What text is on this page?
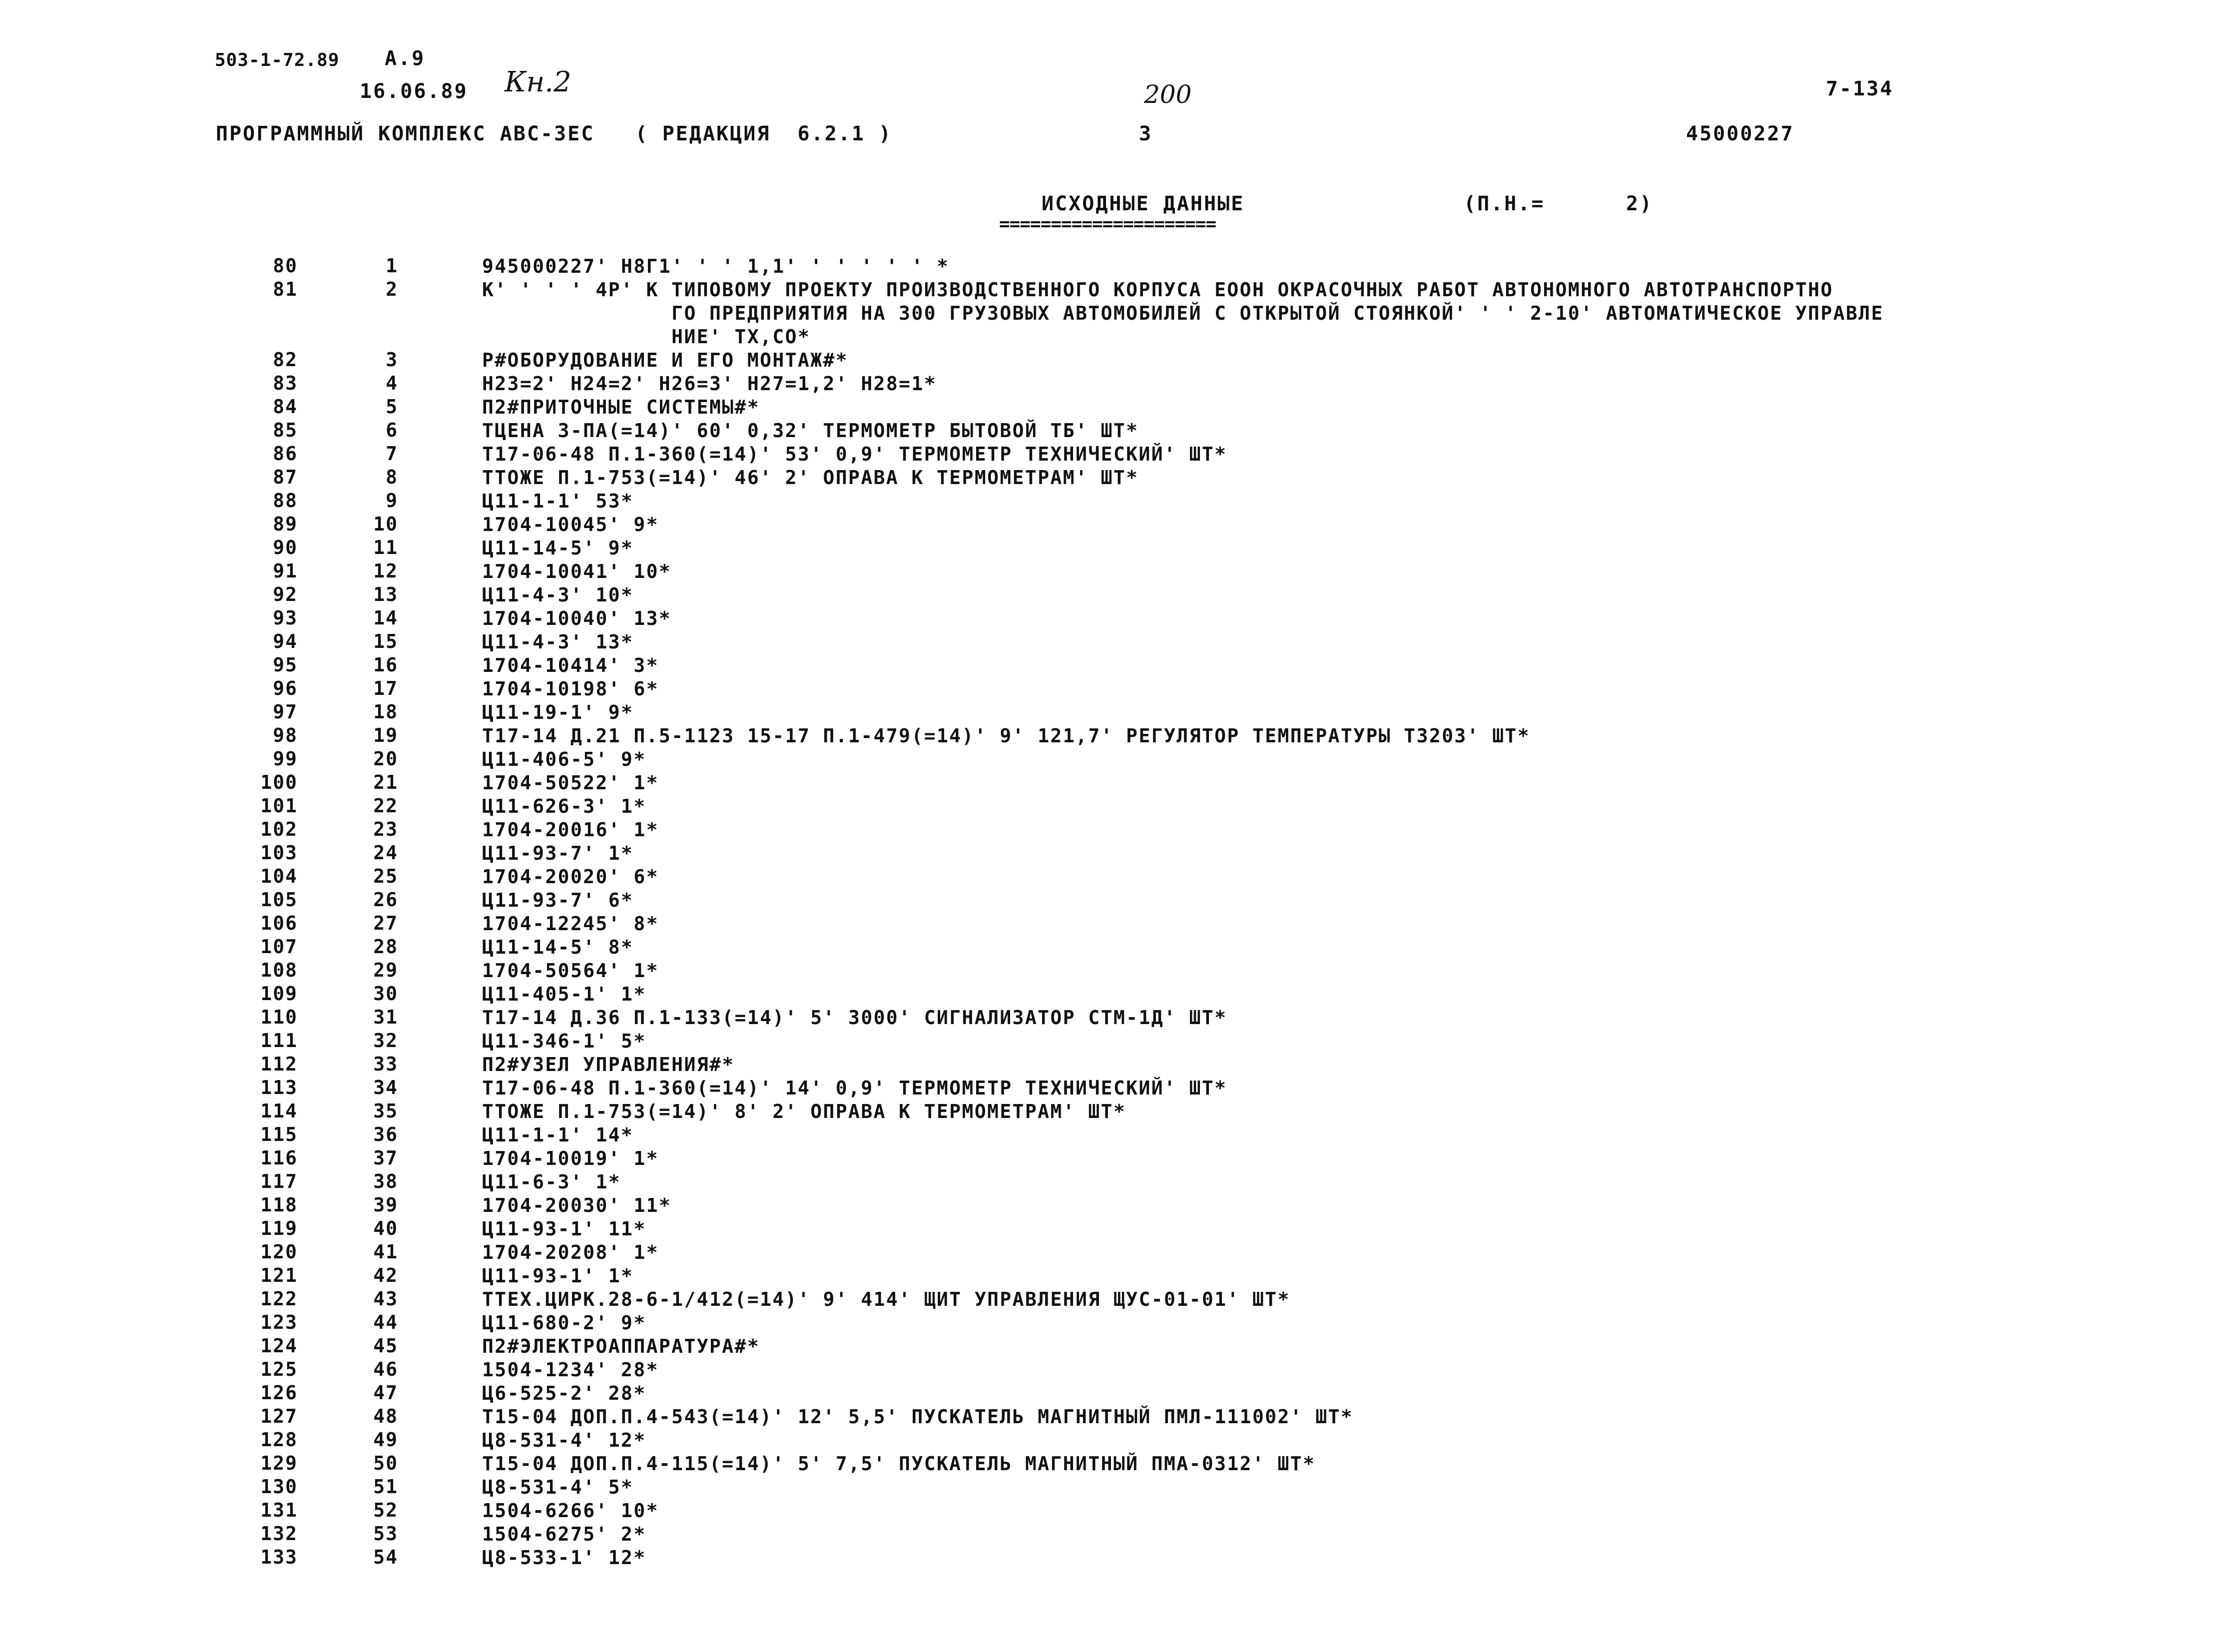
503-1-72.89 А.9
16.06.89 Кн.2	200	7-134
ПРОГРАММНЫЙ КОМПЛЕКС АВС-3ЕС   ( РЕДАКЦИЯ  6.2.1 )	3	45000227
ИСХОДНЫЕ ДАННЫЕ
=====================
(П.Н.=	2)
80	1	945000227' Н8Г1' ' ' 1,1' ' ' ' ' ' *
81	2	К' ' ' ' 4Р' К ТИПОВОМУ ПРОЕКТУ ПРОИЗВОДСТВЕННОГО КОРПУСА ЕООН ОКРАСОЧНЫХ РАБОТ АВТОНОМНОГО АВТОТРАНСПОРТНО
ГО ПРЕДПРИЯТИЯ НА 300 ГРУЗОВЫХ АВТОМОБИЛЕЙ С ОТКРЫТОЙ СТОЯНКОЙ' ' ' 2-10' АВТОМАТИЧЕСКОЕ УПРАВЛЕ
НИЕ' ТХ,СО*
82	3	Р#ОБОРУДОВАНИЕ И ЕГО МОНТАЖ#*
83	4	Н23=2' Н24=2' Н26=3' Н27=1,2' Н28=1*
84	5	П2#ПРИТОЧНЫЕ СИСТЕМЫ#*
85	6	ТЦЕНА 3-ПА(=14)' 60' 0,32' ТЕРМОМЕТР БЫТОВОЙ ТБ' ШТ*
86	7	Т17-06-48 П.1-360(=14)' 53' 0,9' ТЕРМОМЕТР ТЕХНИЧЕСКИЙ' ШТ*
87	8	ТТОЖЕ П.1-753(=14)' 46' 2' ОПРАВА К ТЕРМОМЕТРАМ' ШТ*
88	9	Ц11-1-1' 53*
89	10	1704-10045' 9*
90	11	Ц11-14-5' 9*
91	12	1704-10041' 10*
92	13	Ц11-4-3' 10*
93	14	1704-10040' 13*
94	15	Ц11-4-3' 13*
95	16	1704-10414' 3*
96	17	1704-10198' 6*
97	18	Ц11-19-1' 9*
98	19	Т17-14 Д.21 П.5-1123 15-17 П.1-479(=14)' 9' 121,7' РЕГУЛЯТОР ТЕМПЕРАТУРЫ Т3203' ШТ*
99	20	Ц11-406-5' 9*
100	21	1704-50522' 1*
101	22	Ц11-626-3' 1*
102	23	1704-20016' 1*
103	24	Ц11-93-7' 1*
104	25	1704-20020' 6*
105	26	Ц11-93-7' 6*
106	27	1704-12245' 8*
107	28	Ц11-14-5' 8*
108	29	1704-50564' 1*
109	30	Ц11-405-1' 1*
110	31	Т17-14 Д.36 П.1-133(=14)' 5' 3000' СИГНАЛИЗАТОР СТМ-1Д' ШТ*
111	32	Ц11-346-1' 5*
112	33	П2#УЗЕЛ УПРАВЛЕНИЯ#*
113	34	Т17-06-48 П.1-360(=14)' 14' 0,9' ТЕРМОМЕТР ТЕХНИЧЕСКИЙ' ШТ*
114	35	ТТОЖЕ П.1-753(=14)' 8' 2' ОПРАВА К ТЕРМОМЕТРАМ' ШТ*
115	36	Ц11-1-1' 14*
116	37	1704-10019' 1*
117	38	Ц11-6-3' 1*
118	39	1704-20030' 11*
119	40	Ц11-93-1' 11*
120	41	1704-20208' 1*
121	42	Ц11-93-1' 1*
122	43	ТТЕХ.ЦИРК.28-6-1/412(=14)' 9' 414' ЩИТ УПРАВЛЕНИЯ ЩУС-01-01' ШТ*
123	44	Ц11-680-2' 9*
124	45	П2#ЭЛЕКТРОАППАРАТУРА#*
125	46	1504-1234' 28*
126	47	Ц6-525-2' 28*
127	48	Т15-04 ДОП.П.4-543(=14)' 12' 5,5' ПУСКАТЕЛЬ МАГНИТНЫЙ ПМЛ-111002' ШТ*
128	49	Ц8-531-4' 12*
129	50	Т15-04 ДОП.П.4-115(=14)' 5' 7,5' ПУСКАТЕЛЬ МАГНИТНЫЙ ПМА-0312' ШТ*
130	51	Ц8-531-4' 5*
131	52	1504-6266' 10*
132	53	1504-6275' 2*
133	54	Ц8-533-1' 12*
